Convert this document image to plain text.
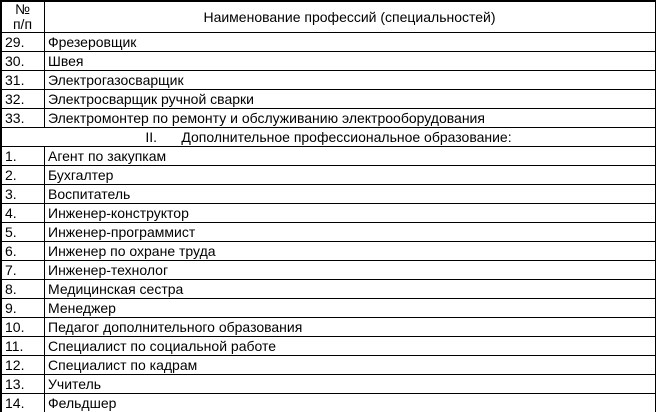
№
п/п	Наименование профессий (специальностей)
29.	Фрезеровщик
30.	Швея
31.	Электрогазосварщик
32.	Электросварщик ручной сварки
33.	Электромонтер по ремонту и обслуживанию электрооборудования
II. Дополнительное профессиональное образование:	
1.	Агент по закупкам
2.	Бухгалтер
3.	Воспитатель
4.	Инженер-конструктор
5.	Инженер-программист
6.	Инженер по охране труда
7.	Инженер-технолог
8.	Медицинская сестра
9.	Менеджер
10.	Педагог дополнительного образования
11.	Специалист по социальной работе
12.	Специалист по кадрам
13.	Учитель
14.	Фельдшер
